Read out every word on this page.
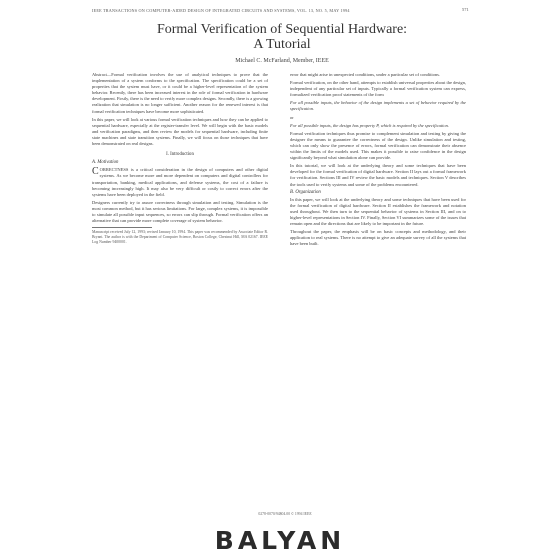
IEEE TRANSACTIONS ON COMPUTER-AIDED DESIGN OF INTEGRATED CIRCUITS AND SYSTEMS, VOL. 13, NO. 5, MAY 1994	571
Formal Verification of Sequential Hardware:
A Tutorial
Michael C. McFarland, Member, IEEE

Abstract—Formal verification involves the use of analytical techniques to prove that the implementation of a system conforms to the specification. The specification could be a set of properties that the system must have, or it could be a higher-level representation of the system behavior. Recently, there has been increased interest in the role of formal verification in hardware development. Firstly, there is the need to verify more complex designs. Secondly, there is a growing realization that simulation is no longer sufficient. Another reason for the renewed interest is that formal verification techniques have become more sophisticated.

In this paper, we will look at various formal verification techniques and how they can be applied to sequential hardware, especially at the register-transfer level. We will begin with the basic models and verification paradigms, and then review the models for sequential hardware, including finite state machines and state transition systems. Finally, we will focus on those techniques that have been demonstrated on real designs.

I. Introduction
A. Motivation

CORRECTNESS is a critical consideration in the design of computers and other digital systems. As we become more and more dependent on computers and digital controllers for transportation, banking, medical applications, and defense systems, the cost of a failure is becoming increasingly high. It may also be very difficult or costly to correct errors after the systems have been deployed in the field.

Designers currently try to assure correctness through simulation and testing. Simulation is the most common method, but it has serious limitations. For large, complex systems, it is impossible to simulate all possible input sequences, so errors can slip through. Formal verification offers an alternative that can provide more complete coverage of system behavior.

Manuscript received July 12, 1993; revised January 10, 1994. This paper was recommended by Associate Editor R. Bryant. The author is with the Department of Computer Science, Boston College, Chestnut Hill, MA 02167. IEEE Log Number 9400001.

error that might arise in unexpected conditions, under a particular set of conditions.

Formal verification, on the other hand, attempts to establish universal properties about the design, independent of any particular set of inputs. Typically a formal verification system can express, formalized verification proof statements of the form

For all possible inputs, the behavior of the design implements a set of behavior required by the specification.

or

For all possible inputs, the design has property P, which is required by the specification.

Formal verification techniques thus promise to complement simulation and testing by giving the designer the means to guarantee the correctness of the design. Unlike simulation and testing, which can only show the presence of errors, formal verification can demonstrate their absence within the limits of the models used. This makes it possible to raise confidence in the design significantly beyond what simulation alone can provide.

In this tutorial, we will look at the underlying theory and some techniques that have been developed for the formal verification of digital hardware. Section II lays out a formal framework for verification. Sections III and IV review the basic models and techniques. Section V describes the tools used to verify systems and some of the problems encountered.

B. Organization

In this paper, we will look at the underlying theory and some techniques that have been used for the formal verification of digital hardware. Section II establishes the framework and notation used throughout. We then turn to the sequential behavior of systems in Section III, and on to higher-level representations in Section IV. Finally, Section VI summarizes some of the issues that remain open and the directions that are likely to be important in the future.

Throughout the paper, the emphasis will be on basic concepts and methodology, and their application to real systems. There is no attempt to give an adequate survey of all the systems that have been built.

0278-0070/94$04.00 © 1994 IEEE
BALYAN
